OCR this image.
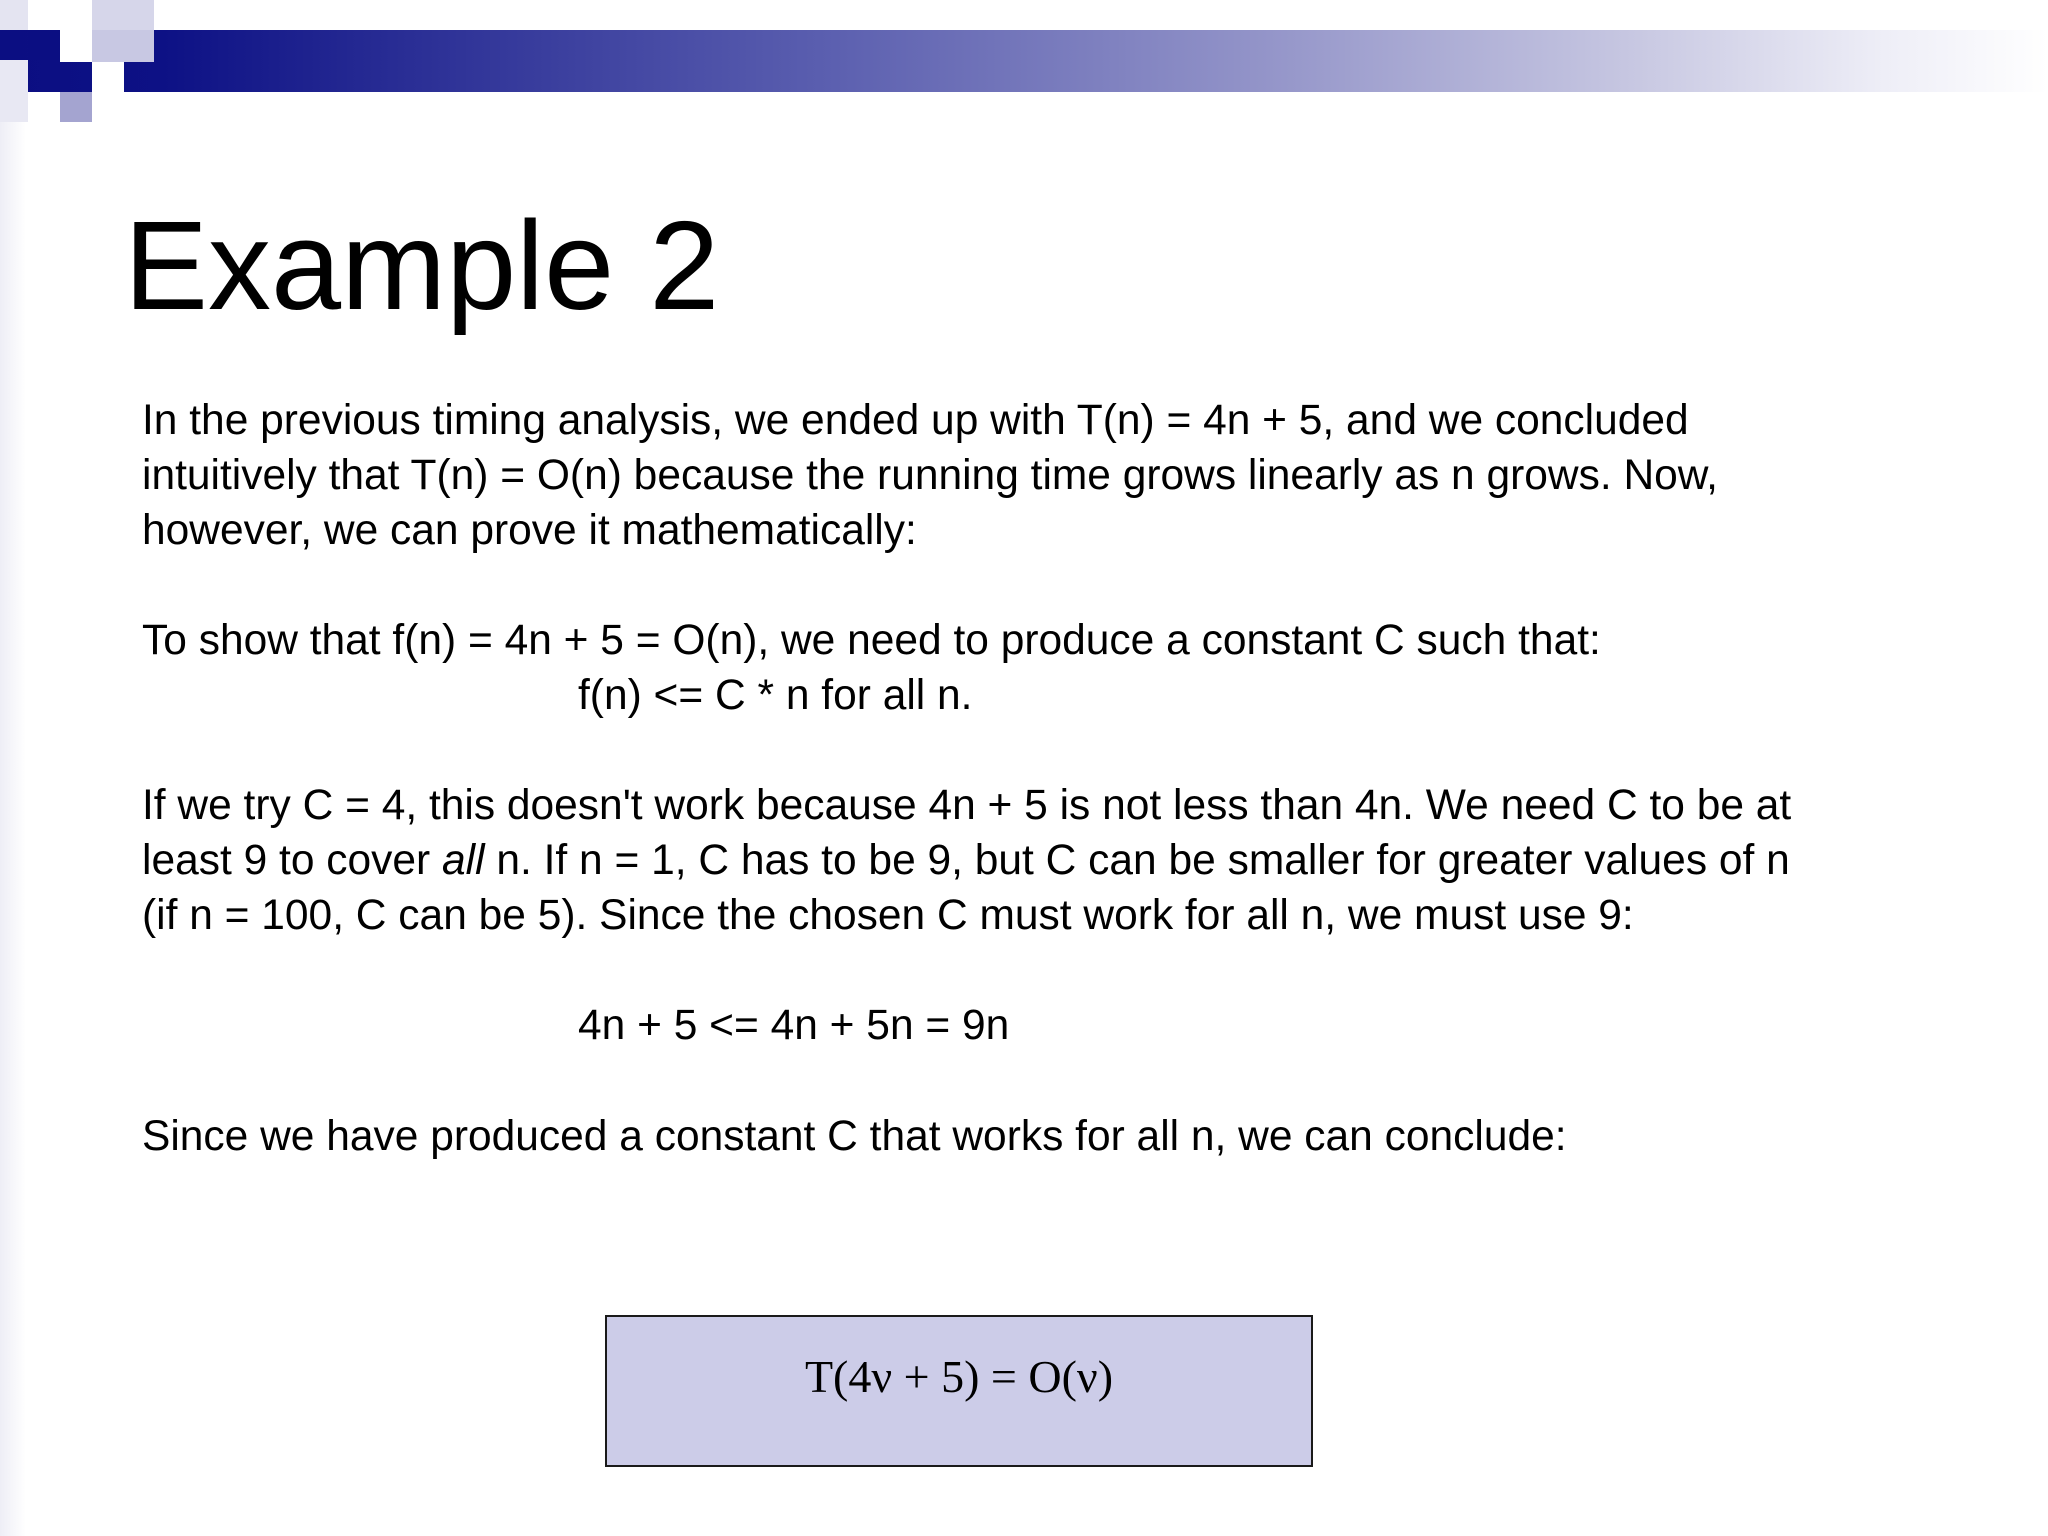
Example 2
In the previous timing analysis, we ended up with T(n) = 4n + 5, and we concluded
intuitively that T(n) = O(n) because the running time grows linearly as n grows. Now,
however, we can prove it mathematically:
To show that f(n) = 4n + 5 = O(n), we need to produce a constant C such that:
f(n) <= C * n for all n.
If we try C = 4, this doesn't work because 4n + 5 is not less than 4n. We need C to be at
least 9 to cover all n. If n = 1, C has to be 9, but C can be smaller for greater values of n
(if n = 100, C can be 5). Since the chosen C must work for all n, we must use 9:
4n + 5 <= 4n + 5n = 9n
Since we have produced a constant C that works for all n, we can conclude:
T(4ν + 5) = O(ν)
